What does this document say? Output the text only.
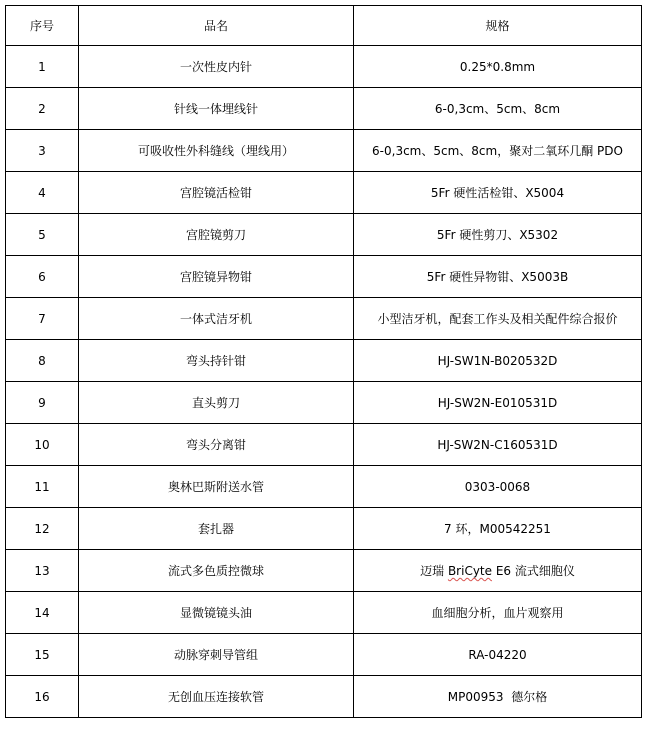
序号	品名	规格
1	一次性皮内针	0.25*0.8mm
2	针线一体埋线针	6-0,3cm、5cm、8cm
3	可吸收性外科缝线（埋线用）	6-0,3cm、5cm、8cm，聚对二氧环几酮 PDO
4	宫腔镜活检钳	5Fr 硬性活检钳、X5004
5	宫腔镜剪刀	5Fr 硬性剪刀、X5302
6	宫腔镜异物钳	5Fr 硬性异物钳、X5003B
7	一体式洁牙机	小型洁牙机，配套工作头及相关配件综合报价
8	弯头持针钳	HJ-SW1N-B020532D
9	直头剪刀	HJ-SW2N-E010531D
10	弯头分离钳	HJ-SW2N-C160531D
11	奥林巴斯附送水管	0303-0068
12	套扎器	7 环，M00542251
13	流式多色质控微球	迈瑞 BriCyte E6 流式细胞仪
14	显微镜镜头油	血细胞分析，血片观察用
15	动脉穿刺导管组	RA-04220
16	无创血压连接软管	MP00953  德尔格
